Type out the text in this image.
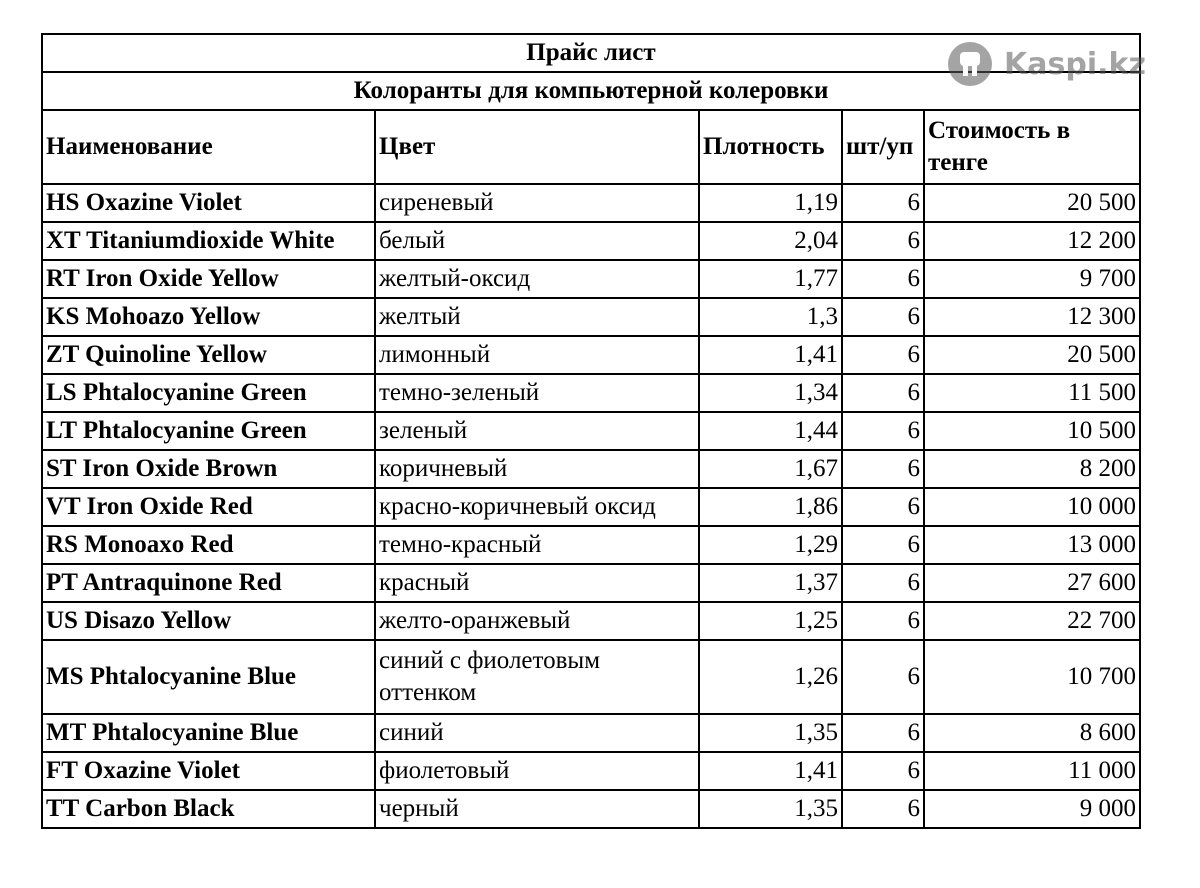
Прайс лист				
Колоранты для компьютерной колеровки				
Наименование	Цвет	Плотность	шт/уп	Стоимость в тенге
HS Oxazine Violet	сиреневый	1,19	6	20 500
XT Titaniumdioxide White	белый	2,04	6	12 200
RT Iron Oxide Yellow	желтый-оксид	1,77	6	9 700
KS Mohoazo Yellow	желтый	1,3	6	12 300
ZT Quinoline Yellow	лимонный	1,41	6	20 500
LS Phtalocyanine Green	темно-зеленый	1,34	6	11 500
LT Phtalocyanine Green	зеленый	1,44	6	10 500
ST Iron Oxide Brown	коричневый	1,67	6	8 200
VT Iron Oxide Red	красно-коричневый оксид	1,86	6	10 000
RS Monoaxo Red	темно-красный	1,29	6	13 000
PT Antraquinone Red	красный	1,37	6	27 600
US Disazo Yellow	желто-оранжевый	1,25	6	22 700
MS Phtalocyanine Blue	синий с фиолетовым оттенком	1,26	6	10 700
MT Phtalocyanine Blue	синий	1,35	6	8 600
FT Oxazine Violet	фиолетовый	1,41	6	11 000
TT Carbon Black	черный	1,35	6	9 000
Kaspi.kz
